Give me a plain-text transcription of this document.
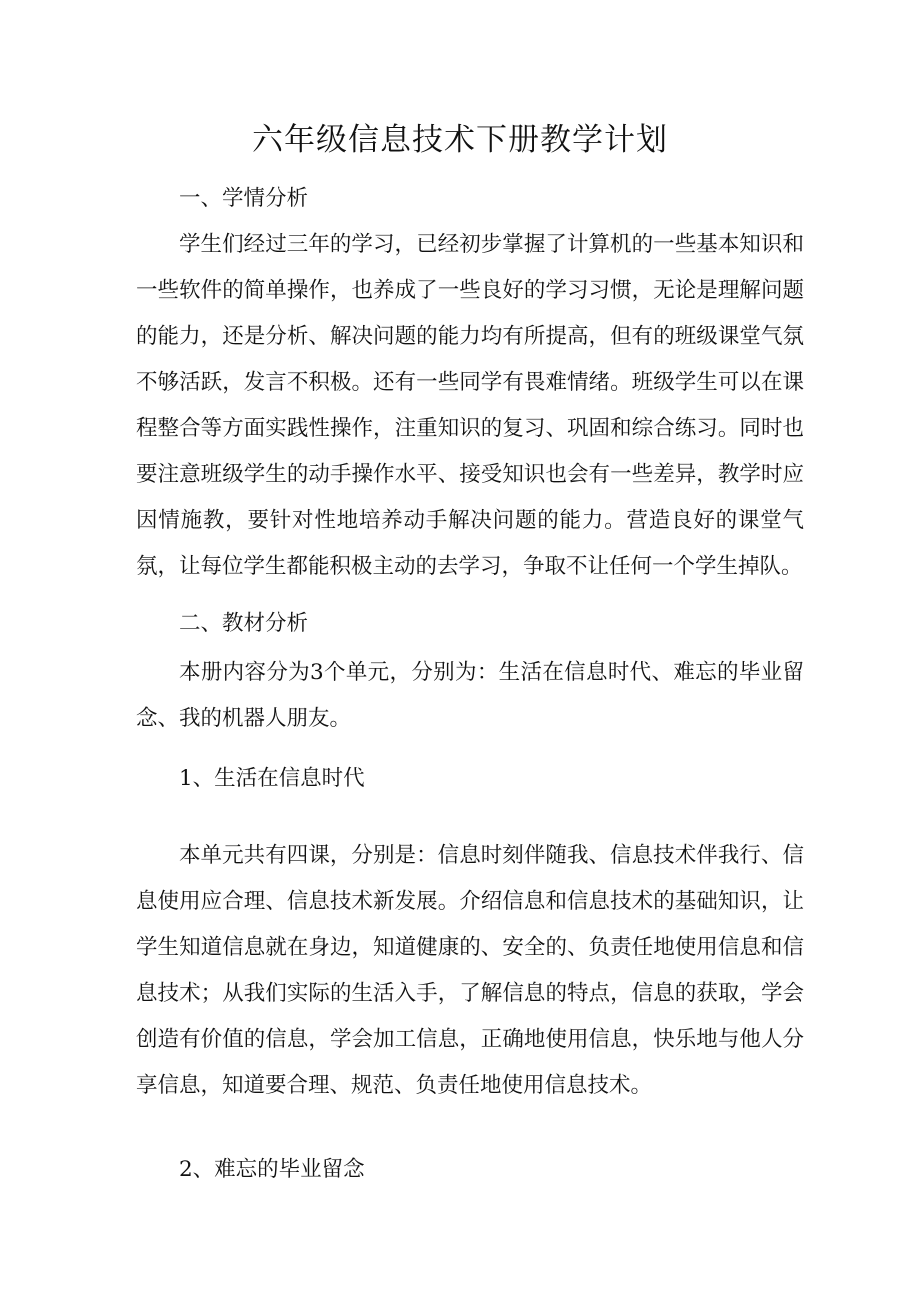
六年级信息技术下册教学计划

一、学情分析

学生们经过三年的学习，已经初步掌握了计算机的一些基本知识和一些软件的简单操作，也养成了一些良好的学习习惯，无论是理解问题的能力，还是分析、解决问题的能力均有所提高，但有的班级课堂气氛不够活跃，发言不积极。还有一些同学有畏难情绪。班级学生可以在课程整合等方面实践性操作，注重知识的复习、巩固和综合练习。同时也要注意班级学生的动手操作水平、接受知识也会有一些差异，教学时应因情施教，要针对性地培养动手解决问题的能力。营造良好的课堂气氛，让每位学生都能积极主动的去学习，争取不让任何一个学生掉队。

二、教材分析

本册内容分为3个单元，分别为：生活在信息时代、难忘的毕业留念、我的机器人朋友。

1、生活在信息时代

本单元共有四课，分别是：信息时刻伴随我、信息技术伴我行、信息使用应合理、信息技术新发展。介绍信息和信息技术的基础知识，让学生知道信息就在身边，知道健康的、安全的、负责任地使用信息和信息技术；从我们实际的生活入手，了解信息的特点，信息的获取，学会创造有价值的信息，学会加工信息，正确地使用信息，快乐地与他人分享信息，知道要合理、规范、负责任地使用信息技术。

2、难忘的毕业留念
